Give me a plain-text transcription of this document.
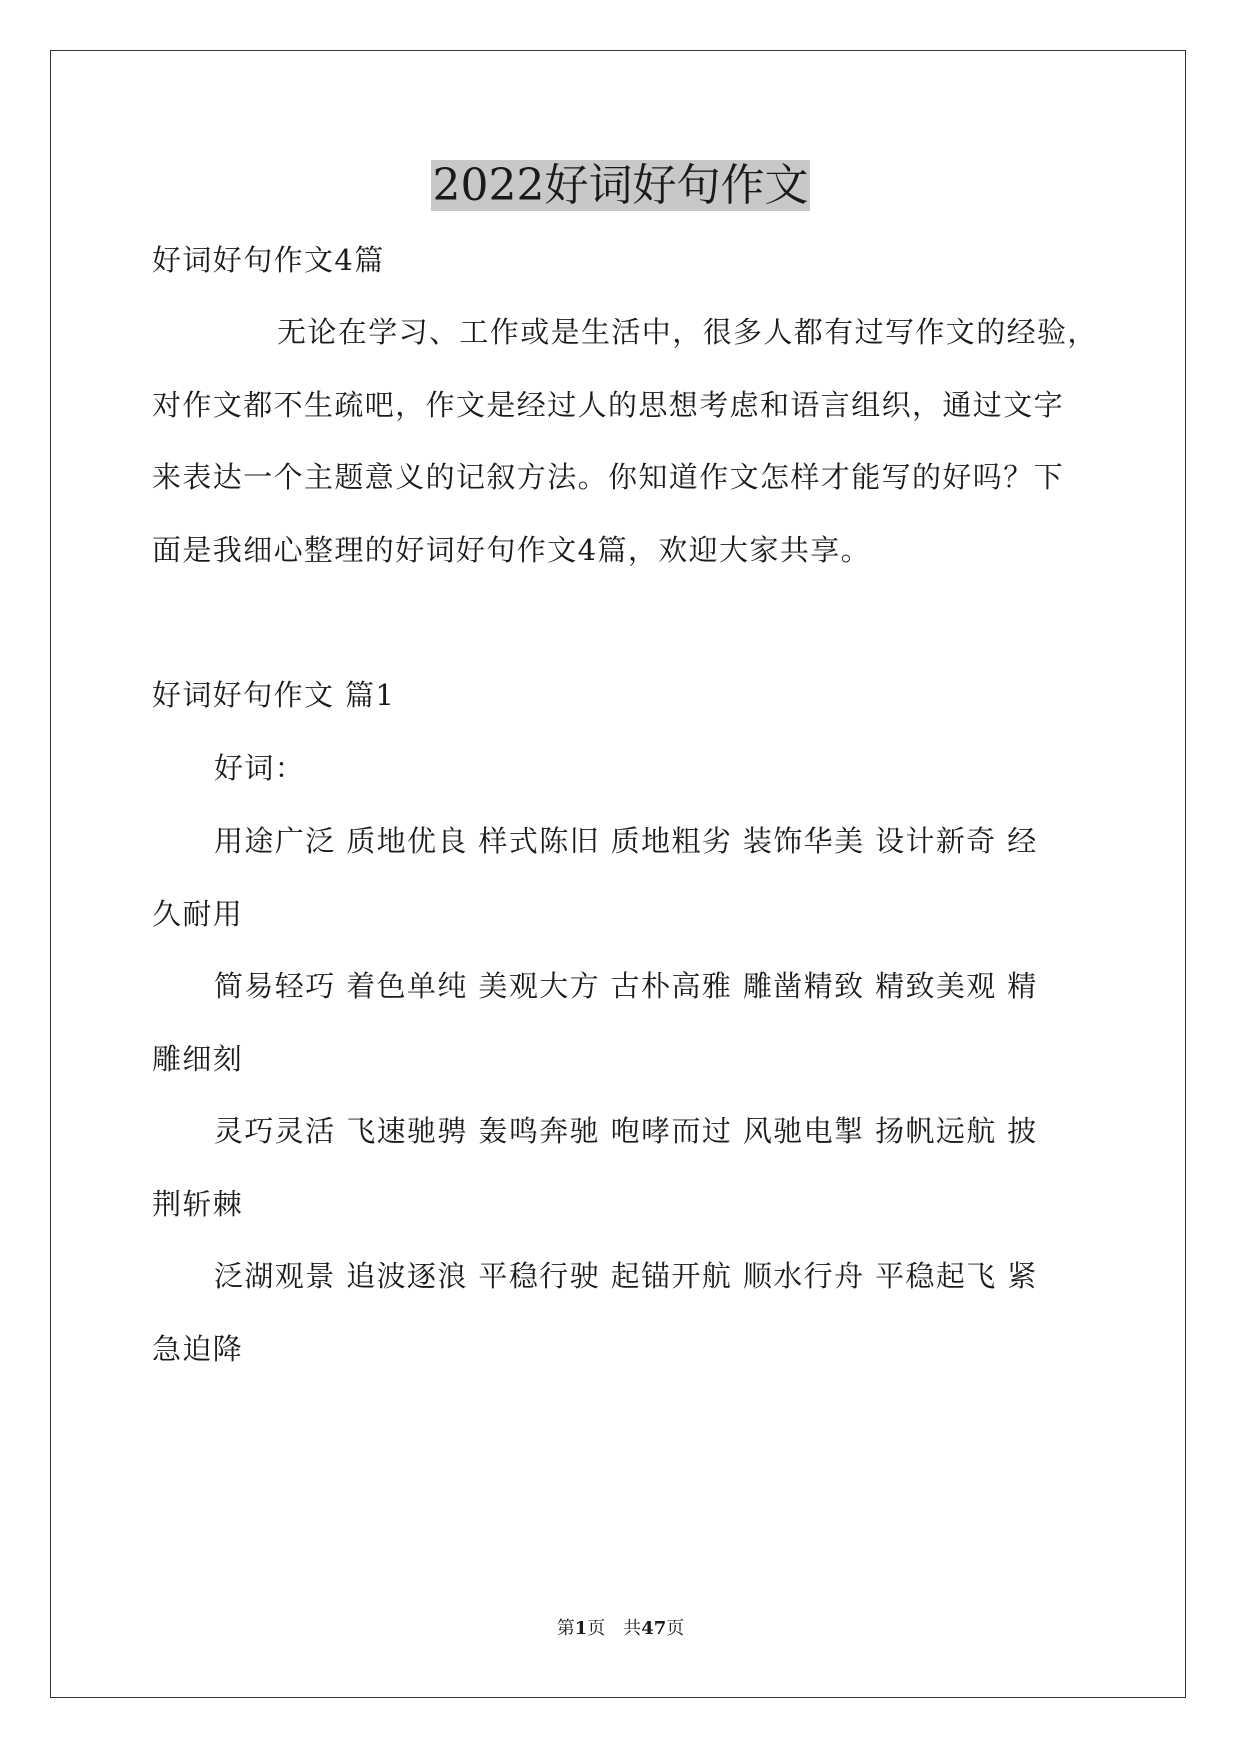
2022好词好句作文
好词好句作文4篇
无论在学习、工作或是生活中，很多人都有过写作文的经验，
对作文都不生疏吧，作文是经过人的思想考虑和语言组织，通过文字
来表达一个主题意义的记叙方法。你知道作文怎样才能写的好吗？下
面是我细心整理的好词好句作文4篇，欢迎大家共享。
好词好句作文 篇1
好词：
用途广泛 质地优良 样式陈旧 质地粗劣 装饰华美 设计新奇 经
久耐用
简易轻巧 着色单纯 美观大方 古朴高雅 雕凿精致 精致美观 精
雕细刻
灵巧灵活 飞速驰骋 轰鸣奔驰 咆哮而过 风驰电掣 扬帆远航 披
荆斩棘
泛湖观景 追波逐浪 平稳行驶 起锚开航 顺水行舟 平稳起飞 紧
急迫降
第1页　共47页
